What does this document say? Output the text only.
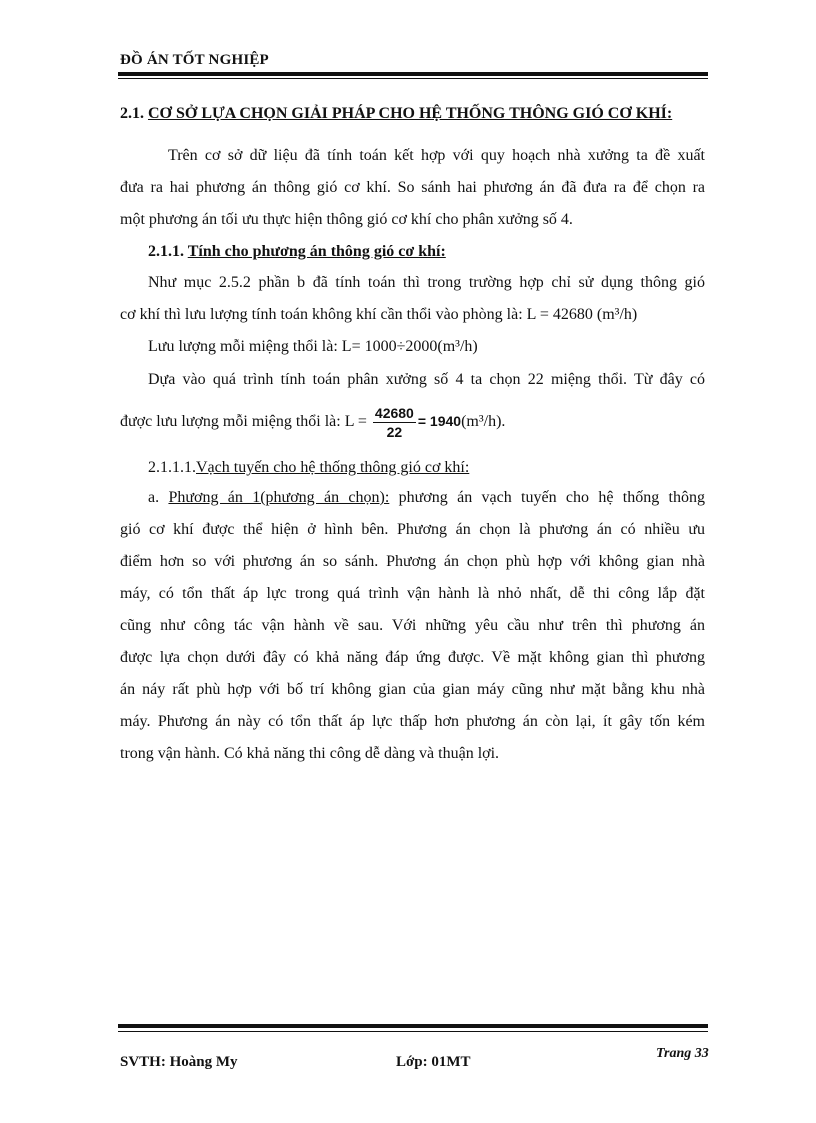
ĐỒ ÁN TỐT NGHIỆP
2.1. CƠ SỞ LỰA CHỌN GIẢI PHÁP CHO HỆ THỐNG THÔNG GIÓ CƠ KHÍ:
Trên cơ sở dữ liệu đã tính toán kết hợp với quy hoạch nhà xưởng ta đề xuất
đưa ra hai phương án thông gió cơ khí. So sánh hai phương án đã đưa ra để chọn ra
một phương án tối ưu thực hiện thông gió cơ khí cho phân xưởng số 4.
2.1.1. Tính cho phương án thông gió cơ khí:
Như mục 2.5.2 phần b đã tính toán thì trong trường hợp chỉ sử dụng thông gió
cơ khí thì lưu lượng tính toán không khí cần thổi vào phòng là: L = 42680 (m³/h)
Lưu lượng mỗi miệng thổi là: L= 1000÷2000(m³/h)
Dựa vào quá trình tính toán phân xưởng số 4 ta chọn 22 miệng thổi. Từ đây có
được lưu lượng mỗi miệng thổi là: $L = \frac{42680}{22} = 1940(m^3/h)$.
2.1.1.1.Vạch tuyến cho hệ thống thông gió cơ khí:
a. Phương án 1(phương án chọn): phương án vạch tuyến cho hệ thống thông
gió cơ khí được thể hiện ở hình bên. Phương án chọn là phương án có nhiều ưu
điểm hơn so với phương án so sánh. Phương án chọn phù hợp với không gian nhà
máy, có tổn thất áp lực trong quá trình vận hành là nhỏ nhất, dễ thi công lắp đặt
cũng như công tác vận hành về sau. Với những yêu cầu như trên thì phương án
được lựa chọn dưới đây có khả năng đáp ứng được. Về mặt không gian thì phương
án náy rất phù hợp với bố trí không gian của gian máy cũng như mặt bằng khu nhà
máy. Phương án này có tổn thất áp lực thấp hơn phương án còn lại, ít gây tốn kém
trong vận hành. Có khả năng thi công dễ dàng và thuận lợi.
SVTH: Hoàng My	Lớp: 01MT
Trang 33
